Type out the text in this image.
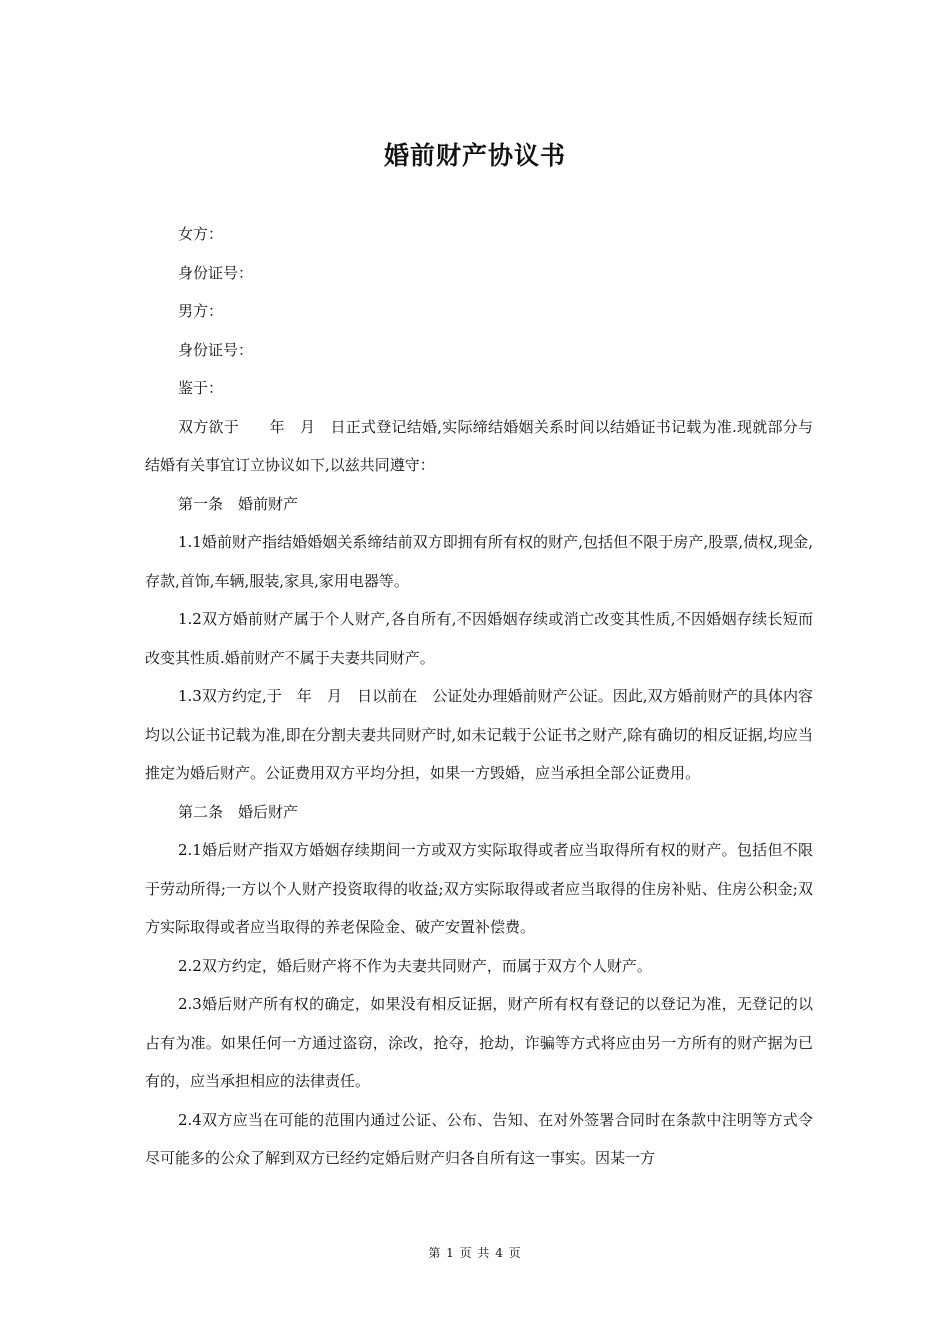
婚前财产协议书

女方：

身份证号：

男方：

身份证号：

鉴于：

双方欲于　　年　月　日正式登记结婚,实际缔结婚姻关系时间以结婚证书记载为准.现就部分与结婚有关事宜订立协议如下,以兹共同遵守：

第一条　婚前财产

1.1婚前财产指结婚婚姻关系缔结前双方即拥有所有权的财产,包括但不限于房产,股票,债权,现金,存款,首饰,车辆,服装,家具,家用电器等。

1.2双方婚前财产属于个人财产,各自所有,不因婚姻存续或消亡改变其性质,不因婚姻存续长短而改变其性质.婚前财产不属于夫妻共同财产。

1.3双方约定,于　年　月　日以前在　公证处办理婚前财产公证。因此,双方婚前财产的具体内容均以公证书记载为准,即在分割夫妻共同财产时,如未记载于公证书之财产,除有确切的相反证据,均应当推定为婚后财产。公证费用双方平均分担，如果一方毁婚，应当承担全部公证费用。

第二条　婚后财产

2.1婚后财产指双方婚姻存续期间一方或双方实际取得或者应当取得所有权的财产。包括但不限于劳动所得;一方以个人财产投资取得的收益;双方实际取得或者应当取得的住房补贴、住房公积金;双方实际取得或者应当取得的养老保险金、破产安置补偿费。

2.2双方约定，婚后财产将不作为夫妻共同财产，而属于双方个人财产。

2.3婚后财产所有权的确定，如果没有相反证据，财产所有权有登记的以登记为准，无登记的以占有为准。如果任何一方通过盗窃，涂改，抢夺，抢劫，诈骗等方式将应由另一方所有的财产据为已有的，应当承担相应的法律责任。

2.4双方应当在可能的范围内通过公证、公布、告知、在对外签署合同时在条款中注明等方式令尽可能多的公众了解到双方已经约定婚后财产归各自所有这一事实。因某一方

第 1 页 共 4 页
